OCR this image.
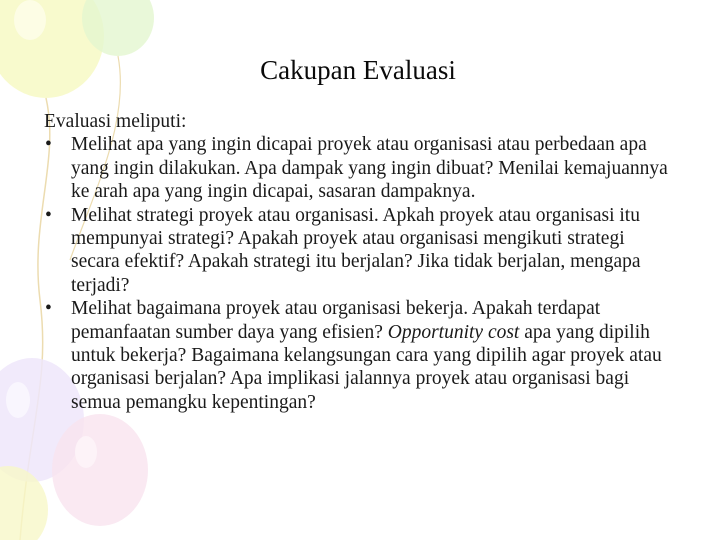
Cakupan Evaluasi

Evaluasi meliputi:

• Melihat apa yang ingin dicapai proyek atau organisasi atau perbedaan apa yang ingin dilakukan. Apa dampak yang ingin dibuat? Menilai kemajuannya ke arah apa yang ingin dicapai, sasaran dampaknya.
• Melihat strategi proyek atau organisasi. Apkah proyek atau organisasi itu mempunyai strategi? Apakah proyek atau organisasi mengikuti strategi secara efektif? Apakah strategi itu berjalan? Jika tidak berjalan, mengapa terjadi?
• Melihat bagaimana proyek atau organisasi bekerja. Apakah terdapat pemanfaatan sumber daya yang efisien? Opportunity cost apa yang dipilih untuk bekerja? Bagaimana kelangsungan cara yang dipilih agar proyek atau organisasi berjalan? Apa implikasi jalannya proyek atau organisasi bagi semua pemangku kepentingan?
